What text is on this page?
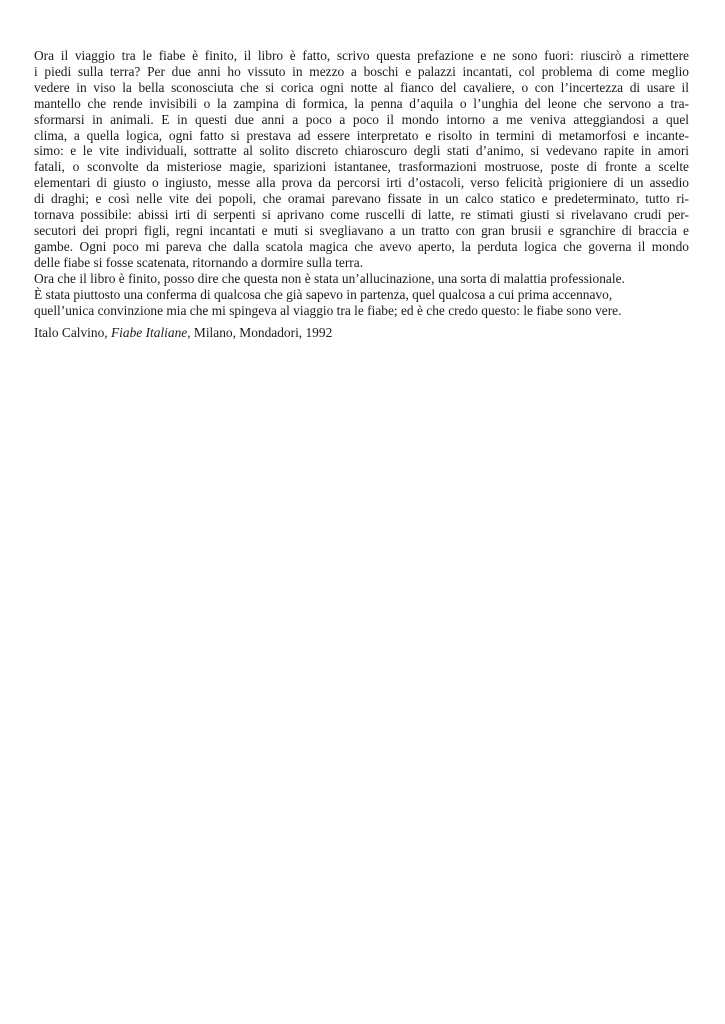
Ora il viaggio tra le fiabe è finito, il libro è fatto, scrivo questa prefazione e ne sono fuori: riuscirò a rimettere
i piedi sulla terra? Per due anni ho vissuto in mezzo a boschi e palazzi incantati, col problema di come meglio
vedere in viso la bella sconosciuta che si corica ogni notte al fianco del cavaliere, o con l’incertezza di usare il
mantello che rende invisibili o la zampina di formica, la penna d’aquila o l’unghia del leone che servono a tra-
sformarsi in animali. E in questi due anni a poco a poco il mondo intorno a me veniva atteggiandosi a quel
clima, a quella logica, ogni fatto si prestava ad essere interpretato e risolto in termini di metamorfosi e incante-
simo: e le vite individuali, sottratte al solito discreto chiaroscuro degli stati d’animo, si vedevano rapite in amori
fatali, o sconvolte da misteriose magie, sparizioni istantanee, trasformazioni mostruose, poste di fronte a scelte
elementari di giusto o ingiusto, messe alla prova da percorsi irti d’ostacoli, verso felicità prigioniere di un assedio
di draghi; e così nelle vite dei popoli, che oramai parevano fissate in un calco statico e predeterminato, tutto ri-
tornava possibile: abissi irti di serpenti si aprivano come ruscelli di latte, re stimati giusti si rivelavano crudi per-
secutori dei propri figli, regni incantati e muti si svegliavano a un tratto con gran brusii e sgranchire di braccia e
gambe. Ogni poco mi pareva che dalla scatola magica che avevo aperto, la perduta logica che governa il mondo
delle fiabe si fosse scatenata, ritornando a dormire sulla terra.
Ora che il libro è finito, posso dire che questa non è stata un’allucinazione, una sorta di malattia professionale.
È stata piuttosto una conferma di qualcosa che già sapevo in partenza, quel qualcosa a cui prima accennavo,
quell’unica convinzione mia che mi spingeva al viaggio tra le fiabe; ed è che credo questo: le fiabe sono vere.
Italo Calvino, Fiabe Italiane, Milano, Mondadori, 1992
